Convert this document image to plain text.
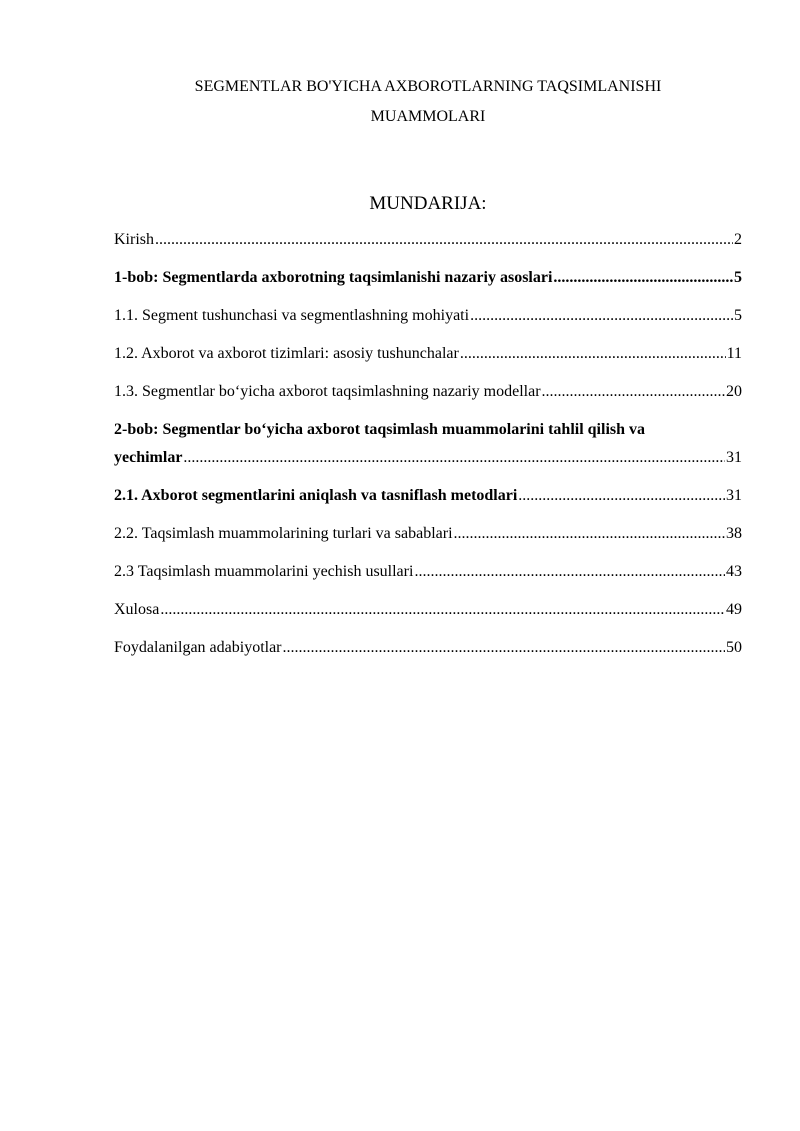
SEGMENTLAR BO'YICHA AXBOROTLARNING TAQSIMLANISHI
MUAMMOLARI
MUNDARIJA:
Kirish .....	2
1-bob: Segmentlarda axborotning taqsimlanishi nazariy asoslari .....	5
1.1. Segment tushunchasi va segmentlashning mohiyati .....	5
1.2. Axborot va axborot tizimlari: asosiy tushunchalar .....	11
1.3. Segmentlar bo‘yicha axborot taqsimlashning nazariy modellar .....	20
2-bob: Segmentlar bo‘yicha axborot taqsimlash muammolarini tahlil qilish va
yechimlar .....	31
2.1. Axborot segmentlarini aniqlash va tasniflash metodlari .....	31
2.2. Taqsimlash muammolarining turlari va sabablari .....	38
2.3 Taqsimlash muammolarini yechish usullari .....	43
Xulosa .....	49
Foydalanilgan adabiyotlar .....	50
